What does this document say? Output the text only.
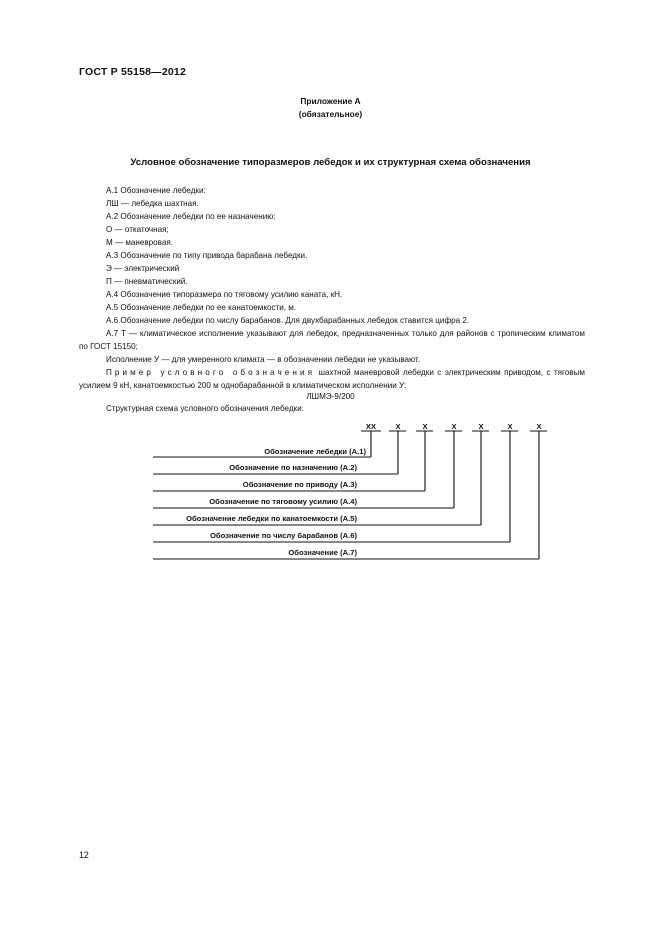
ГОСТ Р 55158—2012
Приложение А
(обязательное)
Условное обозначение типоразмеров лебедок и их структурная схема обозначения
А.1 Обозначение лебедки:
ЛШ — лебедка шахтная.
А.2 Обозначение лебедки по ее назначению:
О — откаточная;
М — маневровая.
А.3 Обозначение по типу привода барабана лебедки.
Э — электрический
П — пневматический.
А.4 Обозначение типоразмера по тяговому усилию каната, кН.
А.5 Обозначение лебедки по ее канатоемкости, м.
А.6 Обозначение лебедки по числу барабанов. Для двухбарабанных лебедок ставится цифра 2.
А.7 Т — климатическое исполнение указывают для лебедок, предназначенных только для районов с тропическим климатом по ГОСТ 15150;
Исполнение У — для умеренного климата — в обозначении лебедки не указывают.
Пример условного обозначения шахтной маневровой лебедки с электрическим приводом, с тяговым усилием 9 кН, канатоемкостью 200 м однобарабанной в климатическом исполнении У:
ЛШМЭ-9/200
Структурная схема условного обозначения лебедки:
ХХ	Х	Х	Х	Х	Х	Х
Обозначение лебедки (А.1)
Обозначение по назначению (А.2)
Обозначение по приводу (А.3)
Обозначение по тяговому усилию (А.4)
Обозначение лебедки по канатоемкости (А.5)
Обозначение по числу барабанов (А.6)
Обозначение (А.7)
12
